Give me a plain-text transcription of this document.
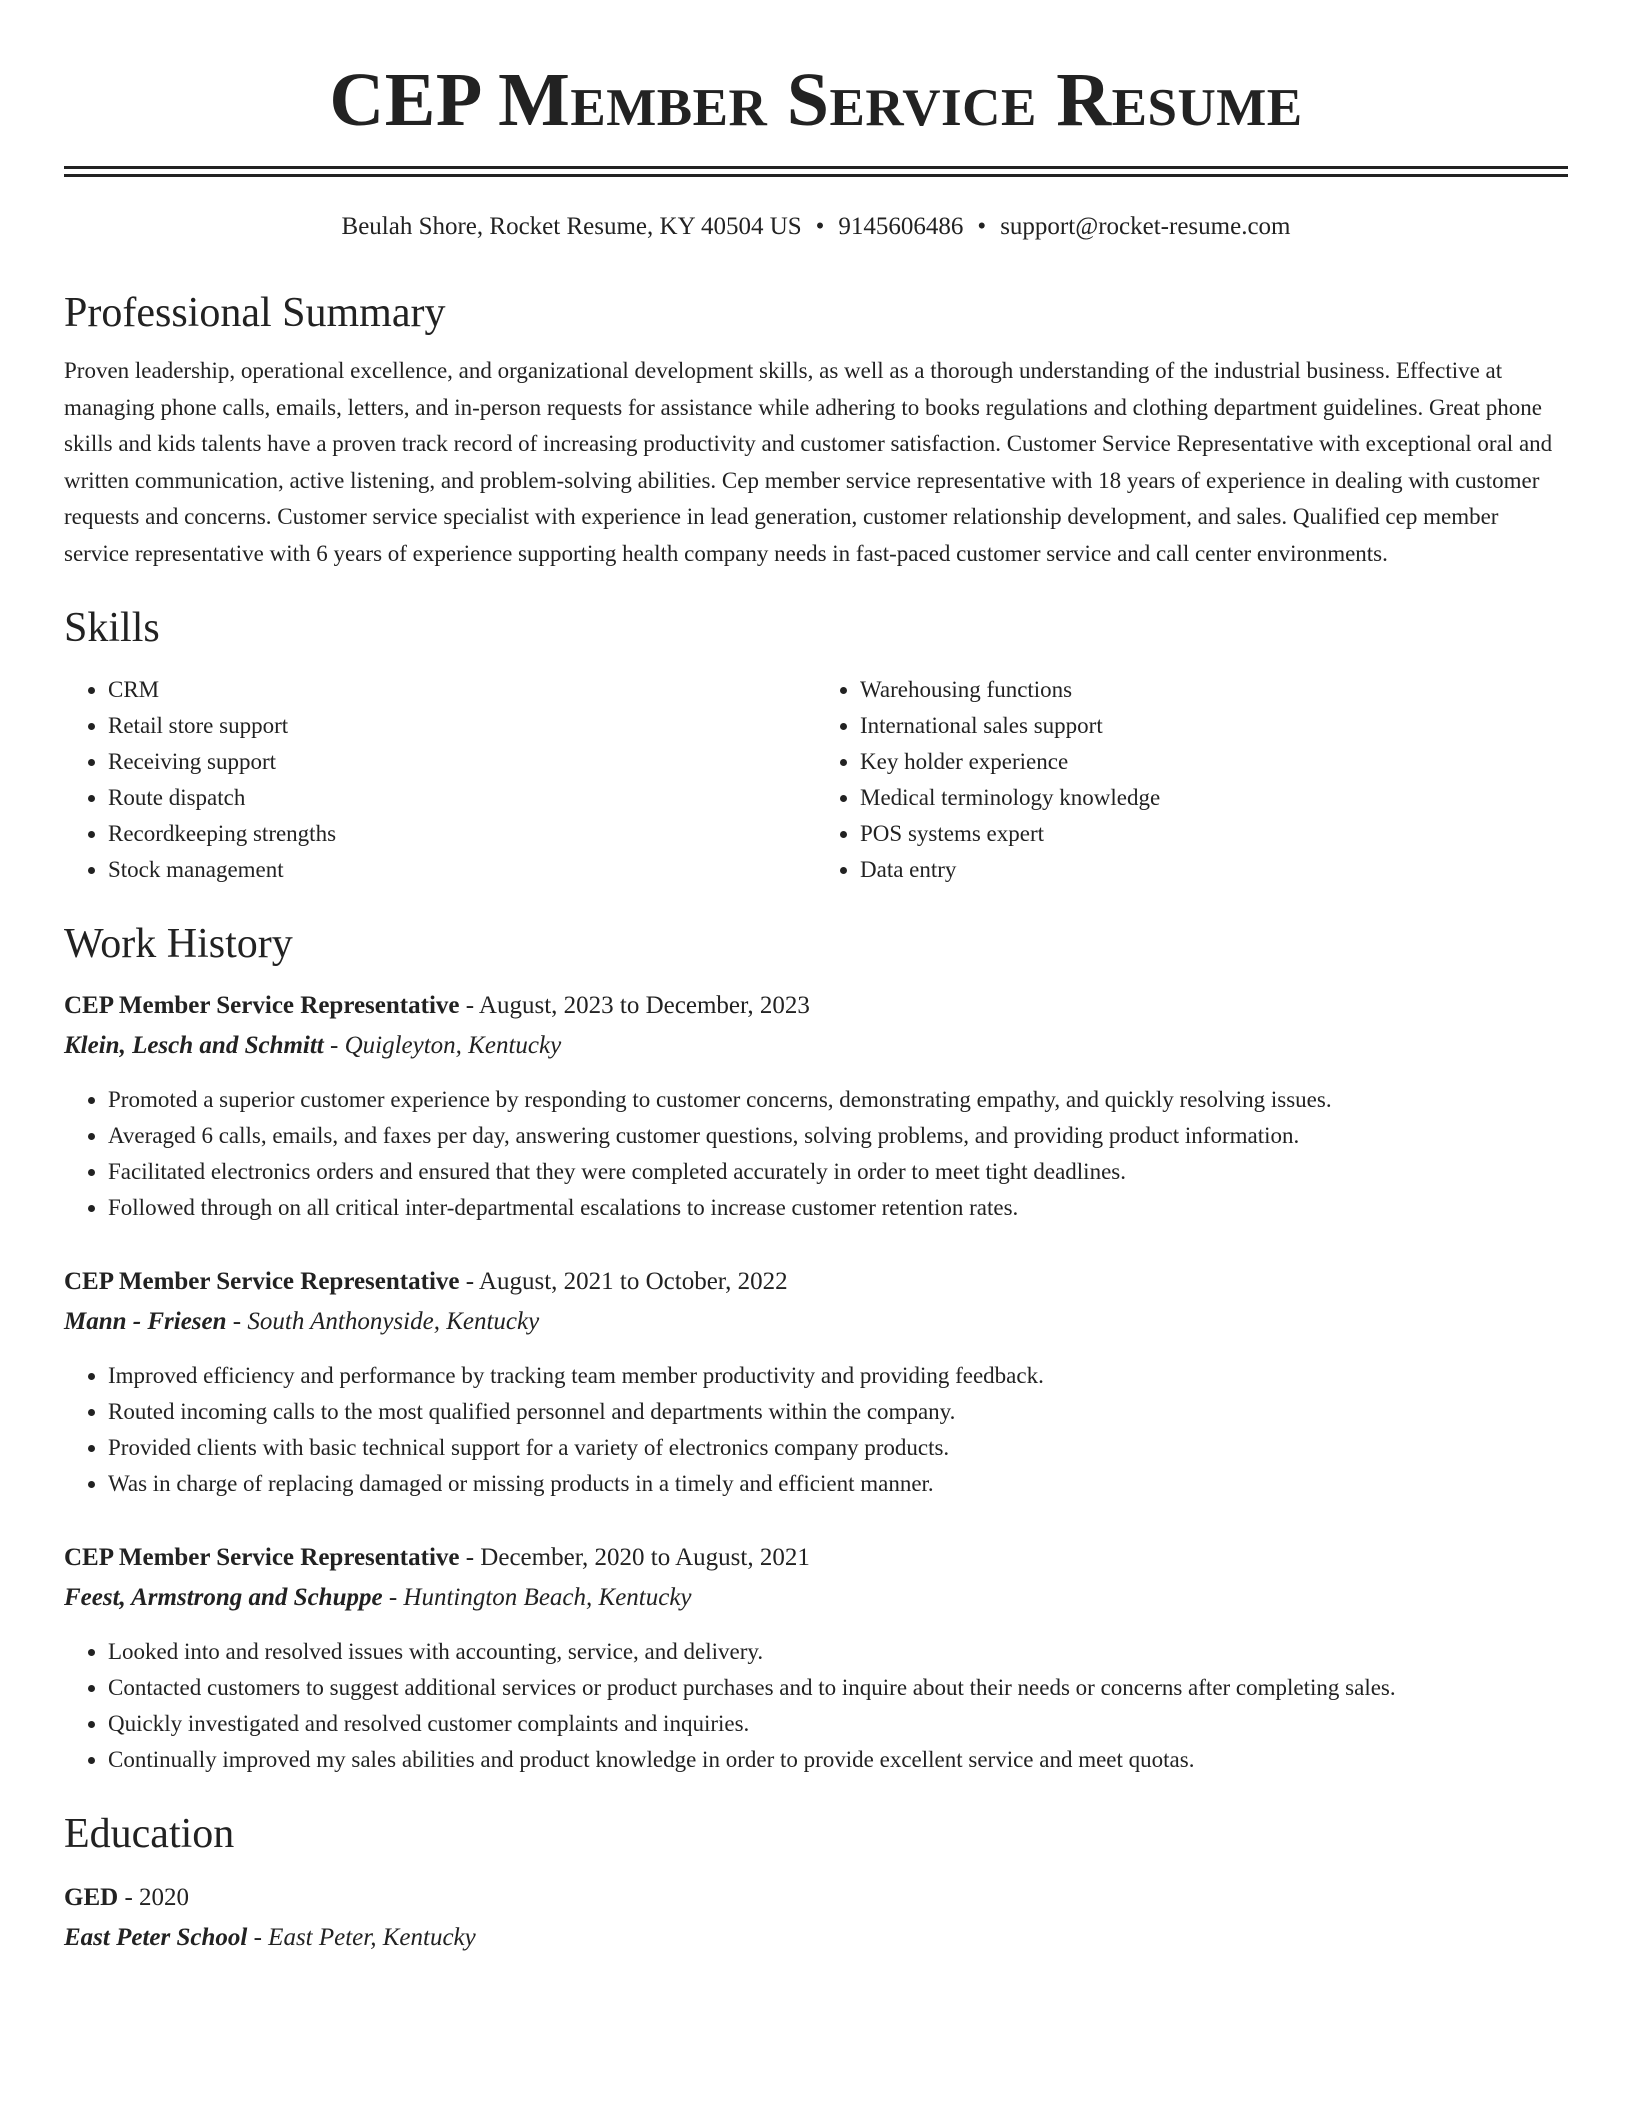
CEP Member Service Resume
Beulah Shore, Rocket Resume, KY 40504 US • 9145606486 • support@rocket-resume.com
Professional Summary

Proven leadership, operational excellence, and organizational development skills, as well as a thorough understanding of the industrial business. Effective at managing phone calls, emails, letters, and in-person requests for assistance while adhering to books regulations and clothing department guidelines. Great phone skills and kids talents have a proven track record of increasing productivity and customer satisfaction. Customer Service Representative with exceptional oral and written communication, active listening, and problem-solving abilities. Cep member service representative with 18 years of experience in dealing with customer requests and concerns. Customer service specialist with experience in lead generation, customer relationship development, and sales. Qualified cep member service representative with 6 years of experience supporting health company needs in fast-paced customer service and call center environments.

Skills
• CRM
• Retail store support
• Receiving support
• Route dispatch
• Recordkeeping strengths
• Stock management
• Warehousing functions
• International sales support
• Key holder experience
• Medical terminology knowledge
• POS systems expert
• Data entry
Work History

CEP Member Service Representative - August, 2023 to December, 2023

Klein, Lesch and Schmitt - Quigleyton, Kentucky

• Promoted a superior customer experience by responding to customer concerns, demonstrating empathy, and quickly resolving issues.
• Averaged 6 calls, emails, and faxes per day, answering customer questions, solving problems, and providing product information.
• Facilitated electronics orders and ensured that they were completed accurately in order to meet tight deadlines.
• Followed through on all critical inter-departmental escalations to increase customer retention rates.

CEP Member Service Representative - August, 2021 to October, 2022

Mann - Friesen - South Anthonyside, Kentucky

• Improved efficiency and performance by tracking team member productivity and providing feedback.
• Routed incoming calls to the most qualified personnel and departments within the company.
• Provided clients with basic technical support for a variety of electronics company products.
• Was in charge of replacing damaged or missing products in a timely and efficient manner.

CEP Member Service Representative - December, 2020 to August, 2021

Feest, Armstrong and Schuppe - Huntington Beach, Kentucky

• Looked into and resolved issues with accounting, service, and delivery.
• Contacted customers to suggest additional services or product purchases and to inquire about their needs or concerns after completing sales.
• Quickly investigated and resolved customer complaints and inquiries.
• Continually improved my sales abilities and product knowledge in order to provide excellent service and meet quotas.
Education

GED - 2020

East Peter School - East Peter, Kentucky
